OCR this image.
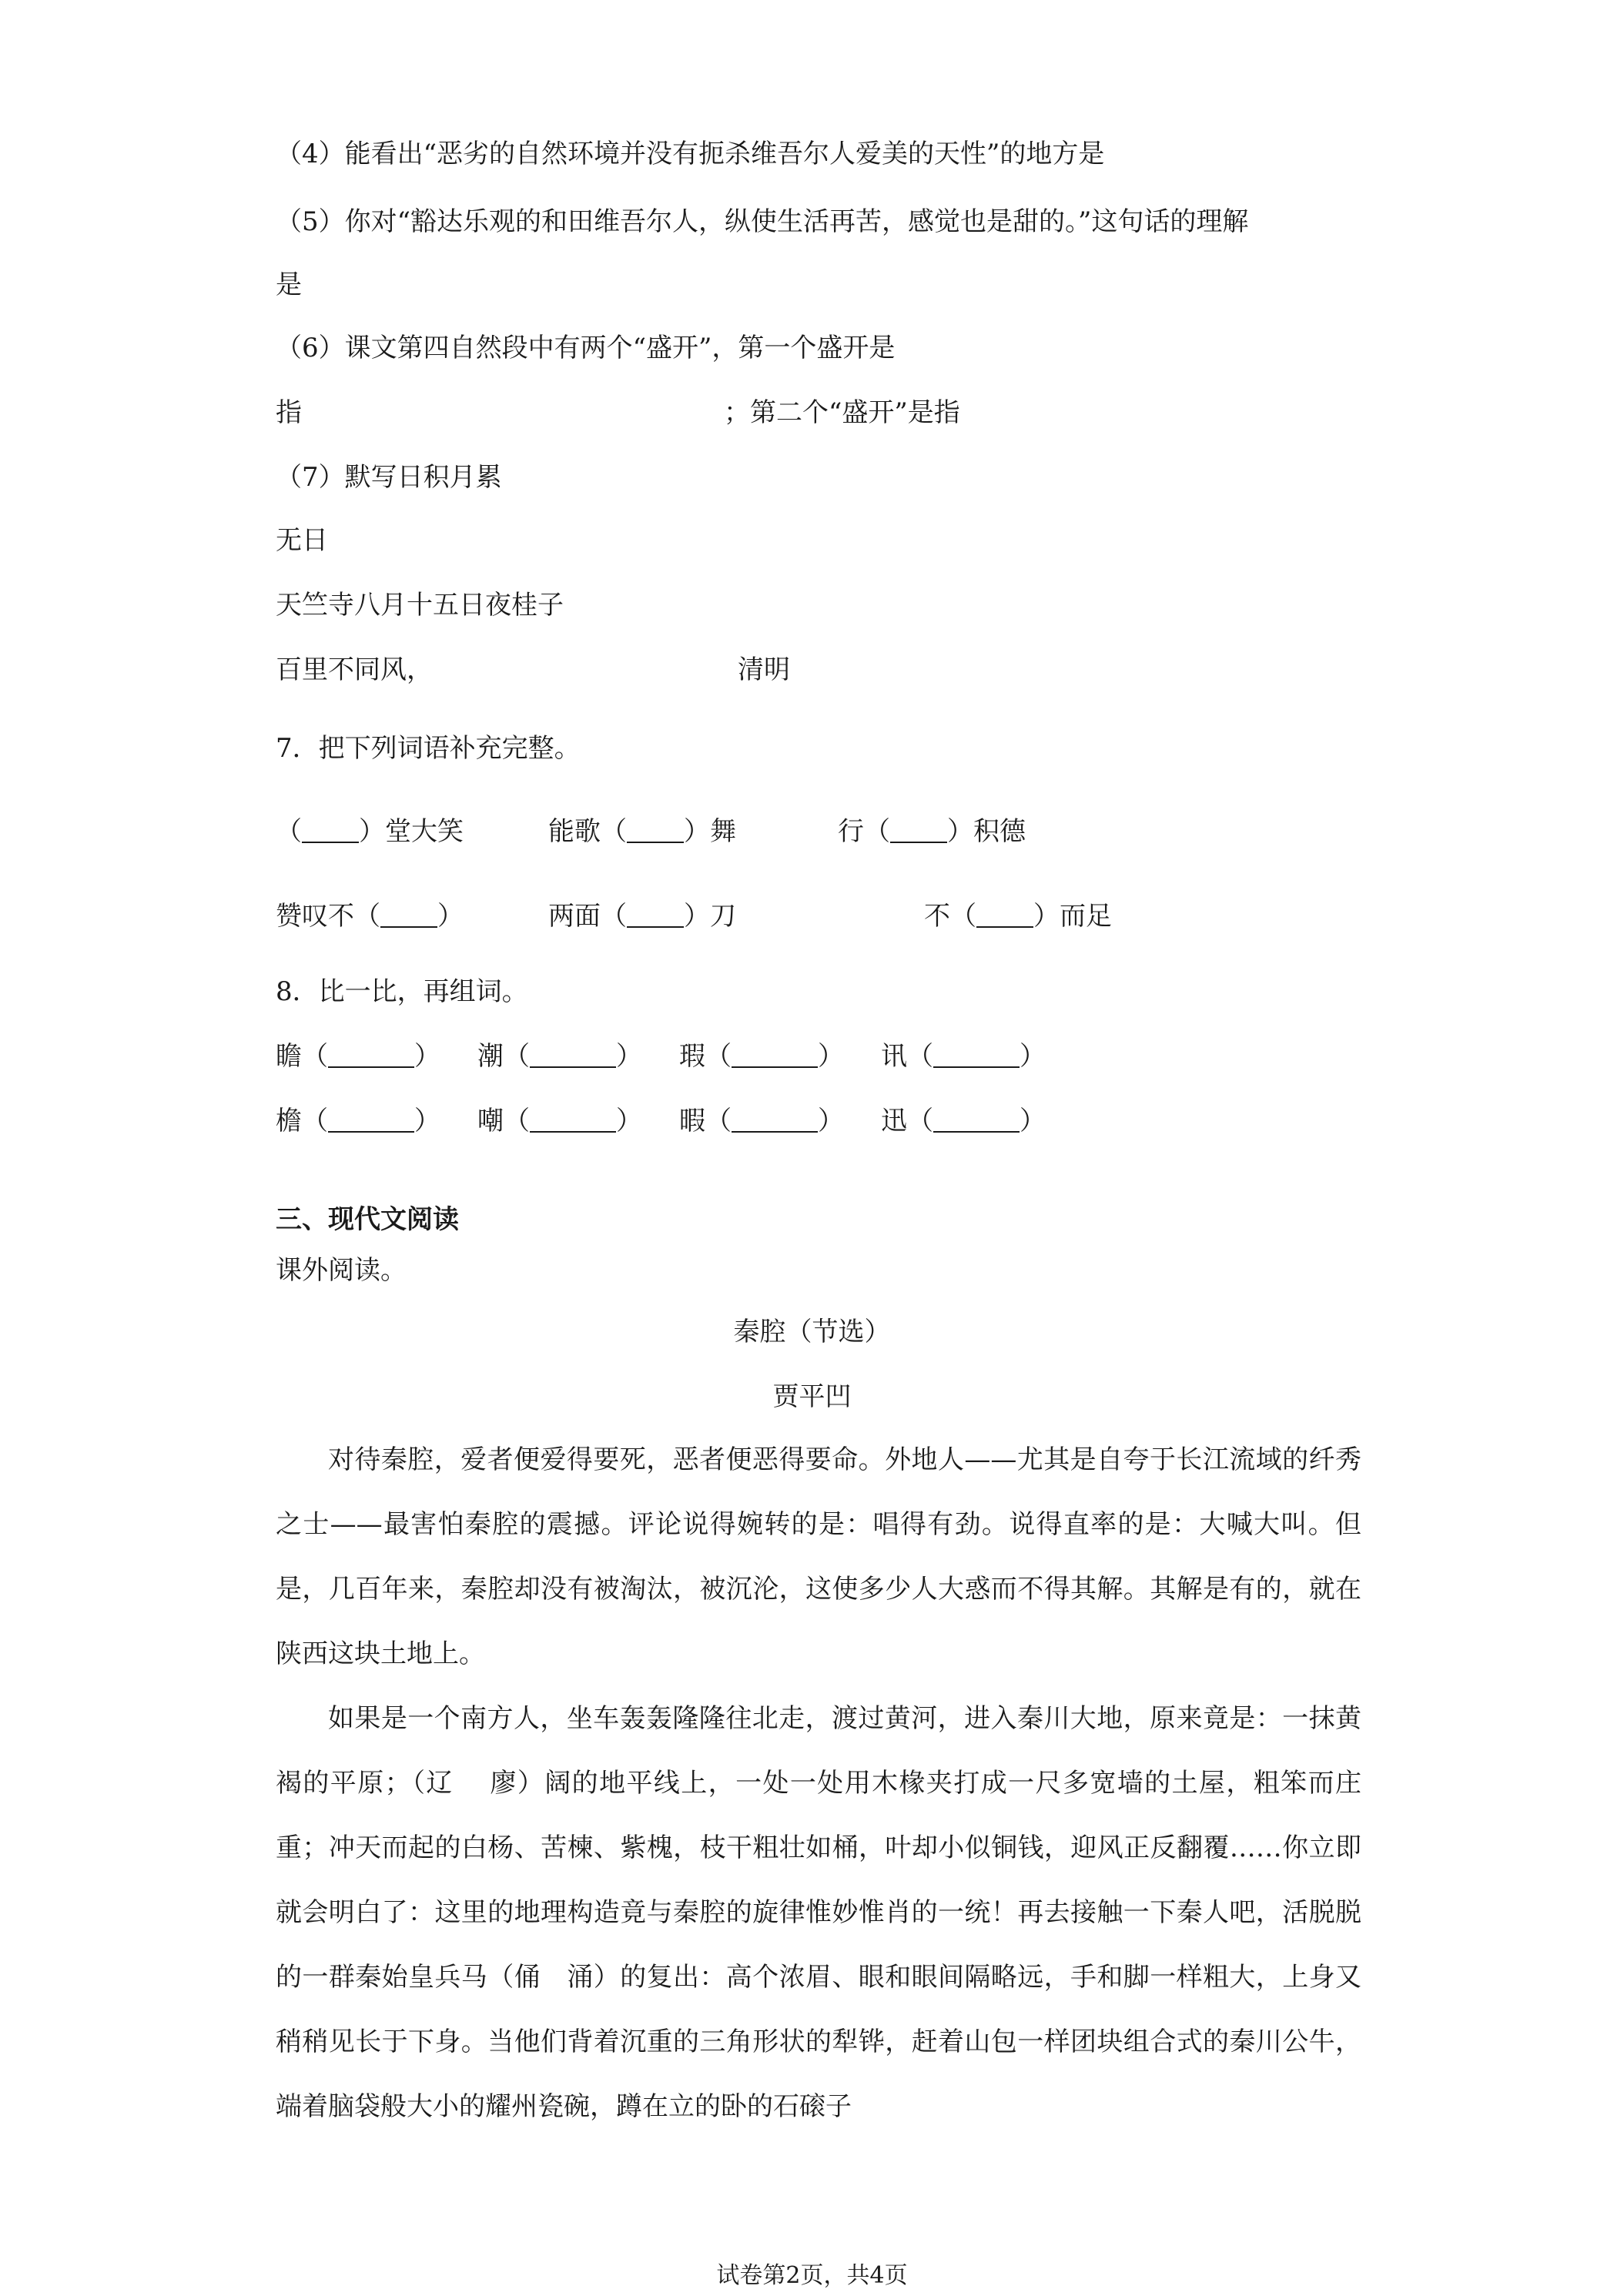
（4）能看出“恶劣的自然环境并没有扼杀维吾尔人爱美的天性”的地方是
（5）你对“豁达乐观的和田维吾尔人，纵使生活再苦，感觉也是甜的。”这句话的理解
是
（6）课文第四自然段中有两个“盛开”，第一个盛开是
指	；第二个“盛开”是指
（7）默写日积月累
无日
天竺寺八月十五日夜桂子
百里不同风，	清明
7．把下列词语补充完整。
（ ）堂大笑	能歌（ ）舞	行（ ）积德
赞叹不（ ）	两面（ ）刀	不（ ）而足
8．比一比，再组词。
瞻（	） 潮（	） 瑕（	） 讯（	）
檐（	） 嘲（	） 暇（	） 迅（	）
三、现代文阅读
课外阅读。
秦腔（节选）
贾平凹
对待秦腔，爱者便爱得要死，恶者便恶得要命。外地人——尤其是自夸于长江流域的纤秀之士——最害怕秦腔的震撼。评论说得婉转的是：唱得有劲。说得直率的是：大喊大叫。但是，几百年来，秦腔却没有被淘汰，被沉沦，这使多少人大惑而不得其解。其解是有的，就在陕西这块土地上。
如果是一个南方人，坐车轰轰隆隆往北走，渡过黄河，进入秦川大地，原来竟是：一抹黄褐的平原；（辽　 廖）阔的地平线上，一处一处用木椽夹打成一尺多宽墙的土屋，粗笨而庄重；冲天而起的白杨、苦楝、紫槐，枝干粗壮如桶，叶却小似铜钱，迎风正反翻覆……你立即就会明白了：这里的地理构造竟与秦腔的旋律惟妙惟肖的一统！再去接触一下秦人吧，活脱脱的一群秦始皇兵马（俑　涌）的复出：高个浓眉、眼和眼间隔略远，手和脚一样粗大，上身又稍稍见长于下身。当他们背着沉重的三角形状的犁铧，赶着山包一样团块组合式的秦川公牛，端着脑袋般大小的耀州瓷碗，蹲在立的卧的石磙子
试卷第2页，共4页
